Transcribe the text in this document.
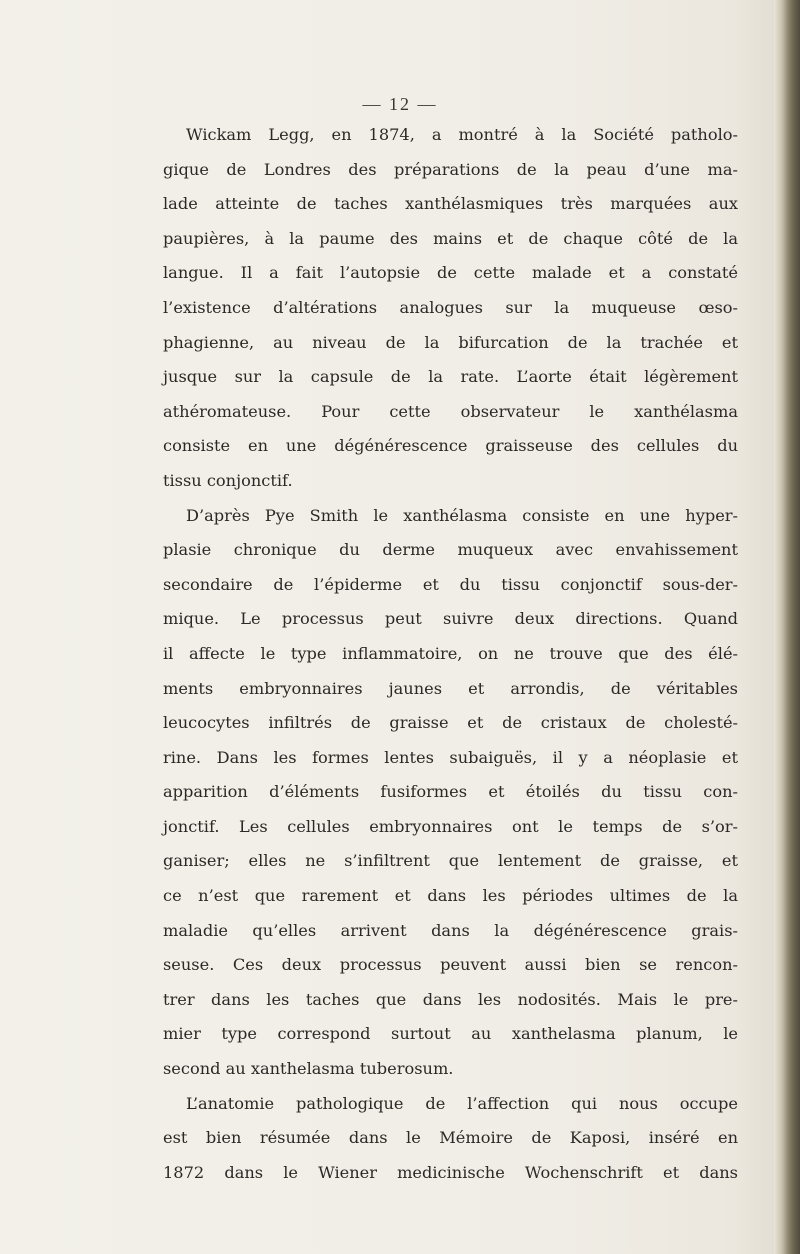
— 12 —
Wickam Legg, en 1874, a montré à la Société patholo-
gique de Londres des préparations de la peau d’une ma-
lade atteinte de taches xanthélasmiques très marquées aux
paupières, à la paume des mains et de chaque côté de la
langue. Il a fait l’autopsie de cette malade et a constaté
l’existence d’altérations analogues sur la muqueuse œso-
phagienne, au niveau de la bifurcation de la trachée et
jusque sur la capsule de la rate. L’aorte était légèrement
athéromateuse. Pour cette observateur le xanthélasma
consiste en une dégénérescence graisseuse des cellules du
tissu conjonctif.
D’après Pye Smith le xanthélasma consiste en une hyper-
plasie chronique du derme muqueux avec envahissement
secondaire de l’épiderme et du tissu conjonctif sous-der-
mique. Le processus peut suivre deux directions. Quand
il affecte le type inflammatoire, on ne trouve que des élé-
ments embryonnaires jaunes et arrondis, de véritables
leucocytes infiltrés de graisse et de cristaux de cholesté-
rine. Dans les formes lentes subaiguës, il y a néoplasie et
apparition d’éléments fusiformes et étoilés du tissu con-
jonctif. Les cellules embryonnaires ont le temps de s’or-
ganiser; elles ne s’infiltrent que lentement de graisse, et
ce n’est que rarement et dans les périodes ultimes de la
maladie qu’elles arrivent dans la dégénérescence grais-
seuse. Ces deux processus peuvent aussi bien se rencon-
trer dans les taches que dans les nodosités. Mais le pre-
mier type correspond surtout au xanthelasma planum, le
second au xanthelasma tuberosum.
L’anatomie pathologique de l’affection qui nous occupe
est bien résumée dans le Mémoire de Kaposi, inséré en
1872 dans le Wiener medicinische Wochenschrift et dans
